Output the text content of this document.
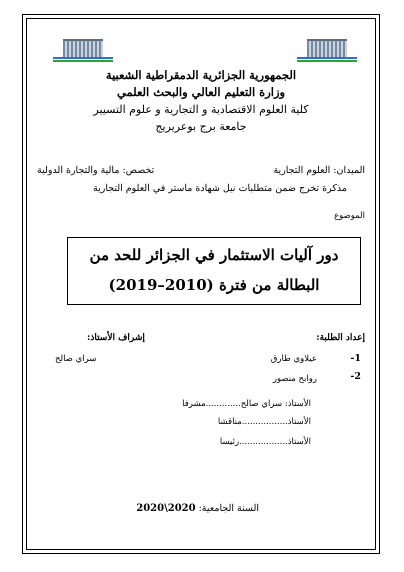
الجمهورية الجزائرية الدمقراطية الشعبية
وزارة التعليم العالي والبحث العلمي
كلية العلوم الاقتصادية و التجارية و علوم التسيير
جامعة برج بوعريريج
الميدان: العلوم التجارية
تخصص: مالية والتجارة الدولية
مذكرة تخرج ضمن متطلبات نيل شهادة ماستر في العلوم التجارية
الموضوع
دور آليات الاستثمار في الجزائر للحد من
البطالة من فترة (2010–2019)
إعداد الطلبة:
إشراف الأستاذ:
1-
عيلاوي طارق
2-
روابح منصور
سراي صالح
الأستاذ: سراي صالح.............مشرفا
الأستاذ.................مناقشا
الأستاذ..................رئيسا
السنة الجامعية: 2020\2020
